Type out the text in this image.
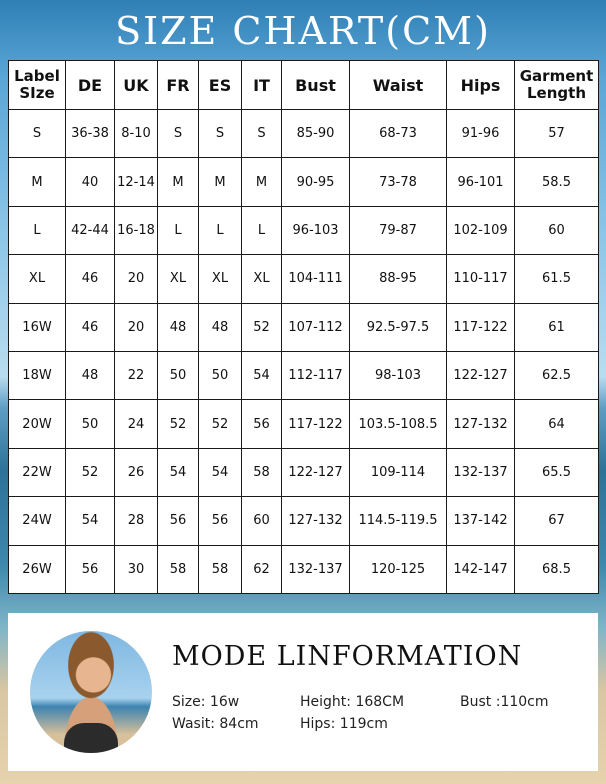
SIZE CHART(CM)
Label
SIze	DE	UK	FR	ES	IT	Bust	Waist	Hips	Garment
Length
S	36-38	8-10	S	S	S	85-90	68-73	91-96	57
M	40	12-14	M	M	M	90-95	73-78	96-101	58.5
L	42-44	16-18	L	L	L	96-103	79-87	102-109	60
XL	46	20	XL	XL	XL	104-111	88-95	110-117	61.5
16W	46	20	48	48	52	107-112	92.5-97.5	117-122	61
18W	48	22	50	50	54	112-117	98-103	122-127	62.5
20W	50	24	52	52	56	117-122	103.5-108.5	127-132	64
22W	52	26	54	54	58	122-127	109-114	132-137	65.5
24W	54	28	56	56	60	127-132	114.5-119.5	137-142	67
26W	56	30	58	58	62	132-137	120-125	142-147	68.5
MODE LINFORMATION
Size: 16w	Height: 168CM	Bust :110cm
Wasit: 84cm	Hips: 119cm
